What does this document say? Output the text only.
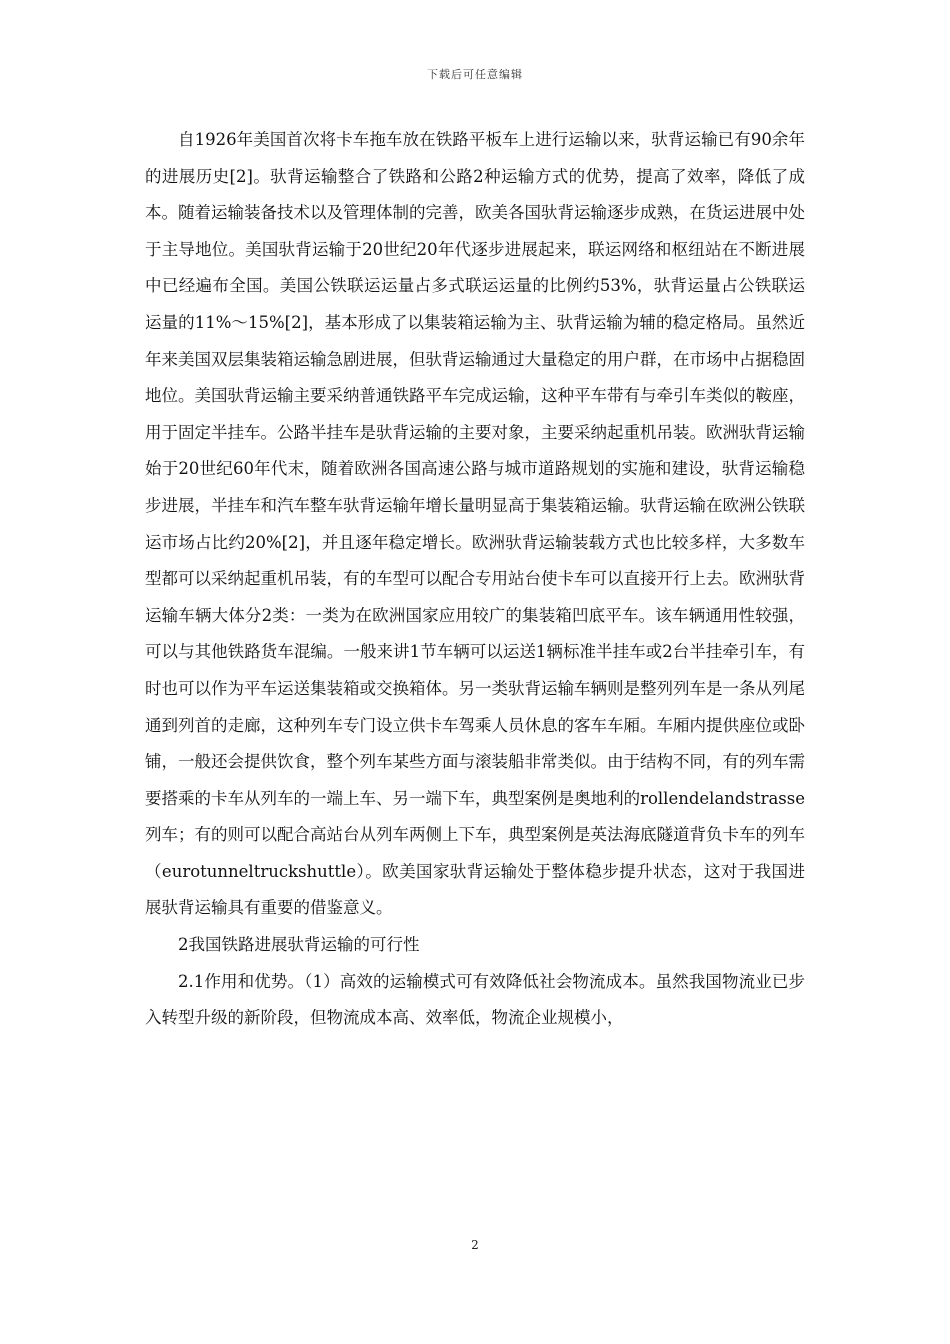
下载后可任意编辑

自1926年美国首次将卡车拖车放在铁路平板车上进行运输以来，驮背运输已有90余年的进展历史[2]。驮背运输整合了铁路和公路2种运输方式的优势，提高了效率，降低了成本。随着运输装备技术以及管理体制的完善，欧美各国驮背运输逐步成熟，在货运进展中处于主导地位。美国驮背运输于20世纪20年代逐步进展起来，联运网络和枢纽站在不断进展中已经遍布全国。美国公铁联运运量占多式联运运量的比例约53%，驮背运量占公铁联运运量的11%～15%[2]，基本形成了以集装箱运输为主、驮背运输为辅的稳定格局。虽然近年来美国双层集装箱运输急剧进展，但驮背运输通过大量稳定的用户群，在市场中占据稳固地位。美国驮背运输主要采纳普通铁路平车完成运输，这种平车带有与牵引车类似的鞍座，用于固定半挂车。公路半挂车是驮背运输的主要对象，主要采纳起重机吊装。欧洲驮背运输始于20世纪60年代末，随着欧洲各国高速公路与城市道路规划的实施和建设，驮背运输稳步进展，半挂车和汽车整车驮背运输年增长量明显高于集装箱运输。驮背运输在欧洲公铁联运市场占比约20%[2]，并且逐年稳定增长。欧洲驮背运输装载方式也比较多样，大多数车型都可以采纳起重机吊装，有的车型可以配合专用站台使卡车可以直接开行上去。欧洲驮背运输车辆大体分2类：一类为在欧洲国家应用较广的集装箱凹底平车。该车辆通用性较强，可以与其他铁路货车混编。一般来讲1节车辆可以运送1辆标准半挂车或2台半挂牵引车，有时也可以作为平车运送集装箱或交换箱体。另一类驮背运输车辆则是整列列车是一条从列尾通到列首的走廊，这种列车专门设立供卡车驾乘人员休息的客车车厢。车厢内提供座位或卧铺，一般还会提供饮食，整个列车某些方面与滚装船非常类似。由于结构不同，有的列车需要搭乘的卡车从列车的一端上车、另一端下车，典型案例是奥地利的rollendelandstrasse列车；有的则可以配合高站台从列车两侧上下车，典型案例是英法海底隧道背负卡车的列车（eurotunneltruckshuttle）。欧美国家驮背运输处于整体稳步提升状态，这对于我国进展驮背运输具有重要的借鉴意义。

2我国铁路进展驮背运输的可行性

2.1作用和优势。（1）高效的运输模式可有效降低社会物流成本。虽然我国物流业已步入转型升级的新阶段，但物流成本高、效率低，物流企业规模小，

2
